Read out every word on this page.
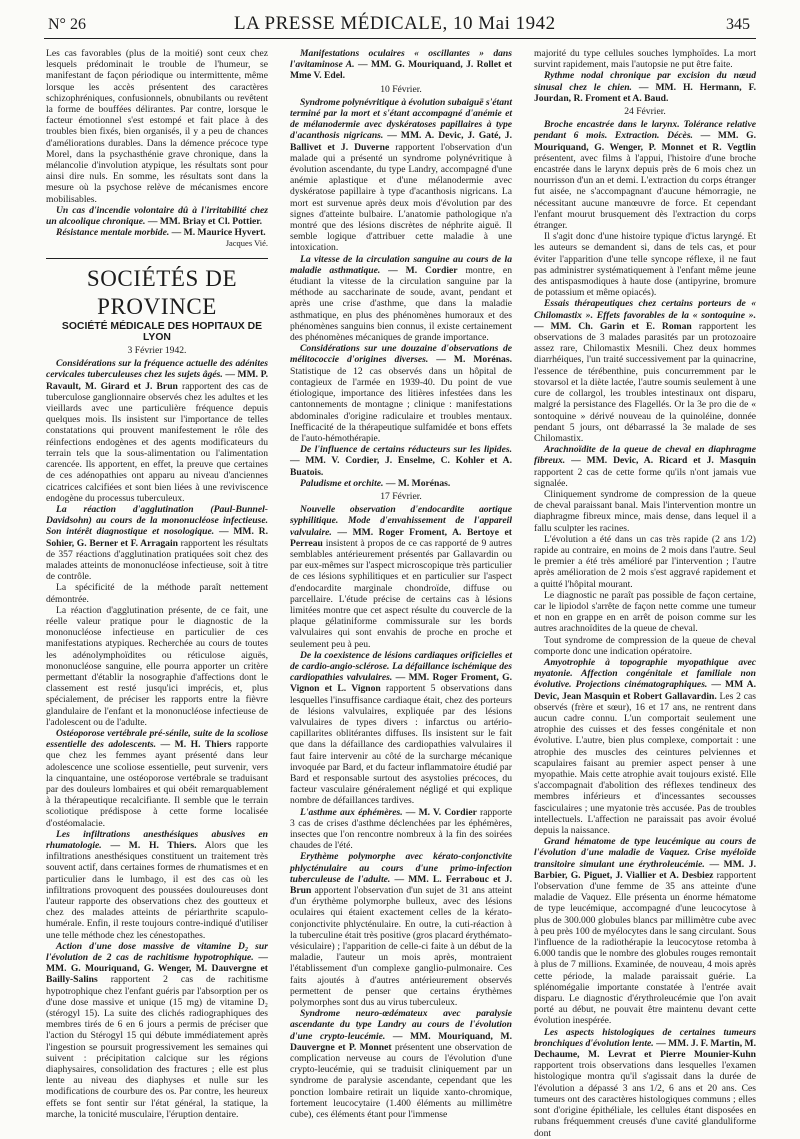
N° 26	LA PRESSE MÉDICALE, 10 Mai 1942	345

Les cas favorables (plus de la moitié) sont ceux chez lesquels prédominait le trouble de l'humeur, se manifestant de façon périodique ou intermittente, même lorsque les accès présentent des caractères schizophréniques, confusionnels, obnubilants ou revêtent la forme de bouffées délirantes. Par contre, lorsque le facteur émotionnel s'est estompé et fait place à des troubles bien fixés, bien organisés, il y a peu de chances d'améliorations durables. Dans la démence précoce type Morel, dans la psychasthénie grave chronique, dans la mélancolie d'involution atypique, les résultats sont pour ainsi dire nuls. En somme, les résultats sont dans la mesure où la psychose relève de mécanismes encore mobilisables.

Un cas d'incendie volontaire dû à l'irritabilité chez un alcoolique chronique. — MM. Briay et Cl. Pottier.

Résistance mentale morbide. — M. Maurice Hyvert.

Jacques Vié.

SOCIÉTÉS DE PROVINCE

SOCIÉTÉ MÉDICALE DES HOPITAUX DE LYON

3 Février 1942.

Considérations sur la fréquence actuelle des adénites cervicales tuberculeuses chez les sujets âgés. — MM. P. Ravault, M. Girard et J. Brun rapportent des cas de tuberculose ganglionnaire observés chez les adultes et les vieillards avec une particulière fréquence depuis quelques mois. Ils insistent sur l'importance de telles constatations qui prouvent manifestement le rôle des réinfections endogènes et des agents modificateurs du terrain tels que la sous-alimentation ou l'alimentation carencée. Ils apportent, en effet, la preuve que certaines de ces adénopathies ont apparu au niveau d'anciennes cicatrices calcifiées et sont bien liées à une reviviscence endogène du processus tuberculeux.

La réaction d'agglutination (Paul-Bunnel-Davidsohn) au cours de la mononucléose infectieuse. Son intérêt diagnostique et nosologique. — MM. R. Sohier, G. Berner et F. Arragain rapportent les résultats de 357 réactions d'agglutination pratiquées soit chez des malades atteints de mononucléose infectieuse, soit à titre de contrôle.

La spécificité de la méthode paraît nettement démontrée.

La réaction d'agglutination présente, de ce fait, une réelle valeur pratique pour le diagnostic de la mononucléose infectieuse en particulier de ces manifestations atypiques. Recherchée au cours de toutes les adénolymphoïdites ou réticulose aiguës, mononucléose sanguine, elle pourra apporter un critère permettant d'établir la nosographie d'affections dont le classement est resté jusqu'ici imprécis, et, plus spécialement, de préciser les rapports entre la fièvre glandulaire de l'enfant et la mononucléose infectieuse de l'adolescent ou de l'adulte.

Ostéoporose vertébrale pré-sénile, suite de la scoliose essentielle des adolescents. — M. H. Thiers rapporte que chez les femmes ayant présenté dans leur adolescence une scoliose essentielle, peut survenir, vers la cinquantaine, une ostéoporose vertébrale se traduisant par des douleurs lombaires et qui obéit remarquablement à la thérapeutique recalcifiante. Il semble que le terrain scoliotique prédispose à cette forme localisée d'ostéomalacie.

Les infiltrations anesthésiques abusives en rhumatologie. — M. H. Thiers. Alors que les infiltrations anesthésiques constituent un traitement très souvent actif, dans certaines formes de rhumatismes et en particulier dans le lumbago, il est des cas où les infiltrations provoquent des poussées douloureuses dont l'auteur rapporte des observations chez des goutteux et chez des malades atteints de périarthrite scapulo-humérale. Enfin, il reste toujours contre-indiqué d'utiliser une telle méthode chez les cénestopathes.

Action d'une dose massive de vitamine D₂ sur l'évolution de 2 cas de rachitisme hypotrophique. — MM. G. Mouriquand, G. Wenger, M. Dauvergne et Bailly-Salins rapportent 2 cas de rachitisme hypotrophique chez l'enfant guéris par l'absorption per os d'une dose massive et unique (15 mg) de vitamine D₂ (stérogyl 15). La suite des clichés radiographiques des membres tirés de 6 en 6 jours a permis de préciser que l'action du Stérogyl 15 qui débute immédiatement après l'ingestion se poursuit progressivement les semaines qui suivent : précipitation calcique sur les régions diaphysaires, consolidation des fractures ; elle est plus lente au niveau des diaphyses et nulle sur les modifications de courbure des os. Par contre, les heureux effets se font sentir sur l'état général, la statique, la marche, la tonicité musculaire, l'éruption dentaire.

Manifestations oculaires « oscillantes » dans l'avitaminose A. — MM. G. Mouriquand, J. Rollet et Mme V. Edel.

10 Février.

Syndrome polynévritique à évolution subaiguë s'étant terminé par la mort et s'étant accompagné d'anémie et de mélanodermie avec dyskératoses papillaires à type d'acanthosis nigricans. — MM. A. Devic, J. Gaté, J. Ballivet et J. Duverne rapportent l'observation d'un malade qui a présenté un syndrome polynévritique à évolution ascendante, du type Landry, accompagné d'une anémie aplastique et d'une mélanodermie avec dyskératose papillaire à type d'acanthosis nigricans. La mort est survenue après deux mois d'évolution par des signes d'atteinte bulbaire. L'anatomie pathologique n'a montré que des lésions discrètes de néphrite aiguë. Il semble logique d'attribuer cette maladie à une intoxication.

La vitesse de la circulation sanguine au cours de la maladie asthmatique. — M. Cordier montre, en étudiant la vitesse de la circulation sanguine par la méthode au saccharinate de soude, avant, pendant et après une crise d'asthme, que dans la maladie asthmatique, en plus des phénomènes humoraux et des phénomènes sanguins bien connus, il existe certainement des phénomènes mécaniques de grande importance.

Considérations sur une douzaine d'observations de mélitococcie d'origines diverses. — M. Morénas. Statistique de 12 cas observés dans un hôpital de contagieux de l'armée en 1939-40. Du point de vue étiologique, importance des litières infestées dans les cantonnements de montagne ; clinique : manifestations abdominales d'origine radiculaire et troubles mentaux. Inefficacité de la thérapeutique sulfamidée et bons effets de l'auto-hémothérapie.

De l'influence de certains réducteurs sur les lipides. — MM. V. Cordier, J. Enselme, C. Kohler et A. Buatois.

Paludisme et orchite. — M. Morénas.

17 Février.

Nouvelle observation d'endocardite aortique syphilitique. Mode d'envahissement de l'appareil valvulaire. — MM. Roger Froment, A. Bertoye et Perreau insistent à propos de ce cas rapporté de 9 autres semblables antérieurement présentés par Gallavardin ou par eux-mêmes sur l'aspect microscopique très particulier de ces lésions syphilitiques et en particulier sur l'aspect d'endocardite marginale chondroïde, diffuse ou parcellaire. L'étude précise de certains cas à lésions limitées montre que cet aspect résulte du couvercle de la plaque gélatiniforme commissurale sur les bords valvulaires qui sont envahis de proche en proche et seulement peu à peu.

De la coexistence de lésions cardiaques orificielles et de cardio-angio-sclérose. La défaillance ischémique des cardiopathies valvulaires. — MM. Roger Froment, G. Vignon et L. Vignon rapportent 5 observations dans lesquelles l'insuffisance cardiaque était, chez des porteurs de lésions valvulaires, expliquée par des lésions valvulaires de types divers : infarctus ou artério-capillarites oblitérantes diffuses. Ils insistent sur le fait que dans la défaillance des cardiopathies valvulaires il faut faire intervenir au côté de la surcharge mécanique invoquée par Bard, et du facteur inflammatoire étudié par Bard et responsable surtout des asystolies précoces, du facteur vasculaire généralement négligé et qui explique nombre de défaillances tardives.

L'asthme aux éphémères. — M. V. Cordier rapporte 3 cas de crises d'asthme déclenchées par les éphémères, insectes que l'on rencontre nombreux à la fin des soirées chaudes de l'été.

Erythème polymorphe avec kérato-conjonctivite phlycténulaire au cours d'une primo-infection tuberculeuse de l'adulte. — MM. L. Ferrabouc et J. Brun apportent l'observation d'un sujet de 31 ans atteint d'un érythème polymorphe bulleux, avec des lésions oculaires qui étaient exactement celles de la kérato-conjonctivite phlycténulaire. En outre, la cuti-réaction à la tuberculine était très positive (gros placard érythémato-vésiculaire) ; l'apparition de celle-ci faite à un début de la maladie, l'auteur un mois après, montraient l'établissement d'un complexe ganglio-pulmonaire. Ces faits ajoutés à d'autres antérieurement observés permettent de penser que certains érythèmes polymorphes sont dus au virus tuberculeux.

Syndrome neuro-œdémateux avec paralysie ascendante du type Landry au cours de l'évolution d'une crypto-leucémie. — MM. Mouriquand, M. Dauvergne et P. Monnet présentent une observation de complication nerveuse au cours de l'évolution d'une crypto-leucémie, qui se traduisit cliniquement par un syndrome de paralysie ascendante, cependant que les ponction lombaire retirait un liquide xanto-chromique, fortement leucocytaire (1.400 éléments au millimètre cube), ces éléments étant pour l'immense

majorité du type cellules souches lymphoïdes. La mort survint rapidement, mais l'autopsie ne put être faite.

Rythme nodal chronique par excision du nœud sinusal chez le chien. — MM. H. Hermann, F. Jourdan, R. Froment et A. Baud.

24 Février.

Broche encastrée dans le larynx. Tolérance relative pendant 6 mois. Extraction. Décès. — MM. G. Mouriquand, G. Wenger, P. Monnet et R. Vegtlin présentent, avec films à l'appui, l'histoire d'une broche encastrée dans le larynx depuis près de 6 mois chez un nourrisson d'un an et demi. L'extraction du corps étranger fut aisée, ne s'accompagnant d'aucune hémorragie, ne nécessitant aucune manœuvre de force. Et cependant l'enfant mourut brusquement dès l'extraction du corps étranger.

Il s'agit donc d'une histoire typique d'ictus laryngé. Et les auteurs se demandent si, dans de tels cas, et pour éviter l'apparition d'une telle syncope réflexe, il ne faut pas administrer systématiquement à l'enfant même jeune des antispasmodiques à haute dose (antipyrine, bromure de potassium et même opiacés).

Essais thérapeutiques chez certains porteurs de « Chilomastix ». Effets favorables de la « sontoquine ». — MM. Ch. Garin et E. Roman rapportent les observations de 3 malades parasités par un protozoaire assez rare, Chilomastix Mesnili. Chez deux hommes diarrhéiques, l'un traité successivement par la quinacrine, l'essence de térébenthine, puis concurremment par le stovarsol et la diète lactée, l'autre soumis seulement à une cure de collargol, les troubles intestinaux ont disparu, malgré la persistance des Flagellés. Or la 3e pro die de « sontoquine » dérivé nouveau de la quinoléine, donnée pendant 5 jours, ont débarrassé la 3e malade de ses Chilomastix.

Arachnoïdite de la queue de cheval en diaphragme fibreux. — MM. Devic, A. Ricard et J. Masquin rapportent 2 cas de cette forme qu'ils n'ont jamais vue signalée.

Cliniquement syndrome de compression de la queue de cheval paraissant banal. Mais l'intervention montre un diaphragme fibreux mince, mais dense, dans lequel il a fallu sculpter les racines.

L'évolution a été dans un cas très rapide (2 ans 1/2) rapide au contraire, en moins de 2 mois dans l'autre. Seul le premier a été très amélioré par l'intervention ; l'autre après amélioration de 2 mois s'est aggravé rapidement et a quitté l'hôpital mourant.

Le diagnostic ne paraît pas possible de façon certaine, car le lipiodol s'arrête de façon nette comme une tumeur et non en grappe en en arrêt de poison comme sur les autres arachnoïdites de la queue de cheval.

Tout syndrome de compression de la queue de cheval comporte donc une indication opératoire.

Amyotrophie à topographie myopathique avec myatonie. Affection congénitale et familiale non évolutive. Projections cinématographiques. — MM A. Devic, Jean Masquin et Robert Gallavardin. Les 2 cas observés (frère et sœur), 16 et 17 ans, ne rentrent dans aucun cadre connu. L'un comportait seulement une atrophie des cuisses et des fesses congénitale et non évolutive. L'autre, bien plus complexe, comportait : une atrophie des muscles des ceintures pelviennes et scapulaires faisant au premier aspect penser à une myopathie. Mais cette atrophie avait toujours existé. Elle s'accompagnait d'abolition des réflexes tendineux des membres inférieurs et d'incessantes secousses fasciculaires ; une myatonie très accusée. Pas de troubles intellectuels. L'affection ne paraissait pas avoir évolué depuis la naissance.

Grand hématome de type leucémique au cours de l'évolution d'une maladie de Vaquez. Crise myéloïde transitoire simulant une érythroleucémie. — MM. J. Barbier, G. Piguet, J. Viallier et A. Desbiez rapportent l'observation d'une femme de 35 ans atteinte d'une maladie de Vaquez. Elle présenta un énorme hématome de type leucémique, accompagné d'une leucocytose à plus de 300.000 globules blancs par millimètre cube avec à peu près 100 de myélocytes dans le sang circulant. Sous l'influence de la radiothérapie la leucocytose retomba à 6.000 tandis que le nombre des globules rouges remontait à plus de 7 millions. Examinée, de nouveau, 4 mois après cette période, la malade paraissait guérie. La splénomégalie importante constatée à l'entrée avait disparu. Le diagnostic d'érythroleucémie que l'on avait porté au début, ne pouvait être maintenu devant cette évolution inespérée.

Les aspects histologiques de certaines tumeurs bronchiques d'évolution lente. — MM. J. F. Martin, M. Dechaume, M. Levrat et Pierre Mounier-Kuhn rapportent trois observations dans lesquelles l'examen histologique montra qu'il s'agissait dans la durée de l'évolution a dépassé 3 ans 1/2, 6 ans et 20 ans. Ces tumeurs ont des caractères histologiques communs ; elles sont d'origine épithéliale, les cellules étant disposées en rubans fréquemment creusés d'une cavité glanduliforme dont
